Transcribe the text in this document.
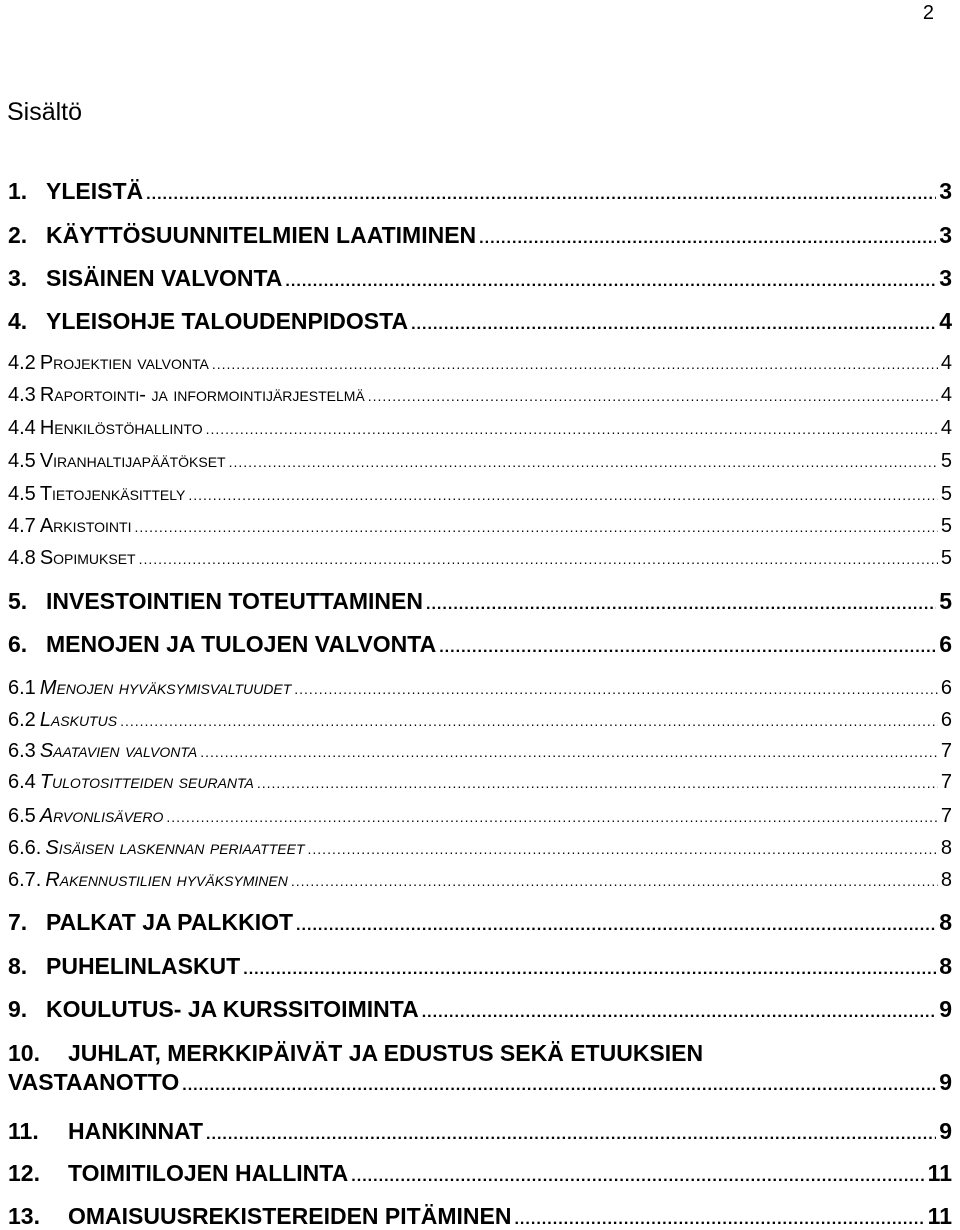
2
Sisältö
1. YLEISTÄ .....	3
2. KÄYTTÖSUUNNITELMIEN LAATIMINEN .....	3
3. SISÄINEN VALVONTA .....	3
4. YLEISOHJE TALOUDENPIDOSTA .....	4
4.2 Projektien valvonta .....	4
4.3 Raportointi- ja informointijärjestelmä .....	4
4.4 Henkilöstöhallinto .....	4
4.5 Viranhaltijapäätökset .....	5
4.5 Tietojenkäsittely .....	5
4.7 Arkistointi .....	5
4.8 Sopimukset .....	5
5. INVESTOINTIEN TOTEUTTAMINEN .....	5
6. MENOJEN JA TULOJEN VALVONTA .....	6
6.1 Menojen hyväksymisvaltuudet .....	6
6.2 Laskutus .....	6
6.3 Saatavien valvonta .....	7
6.4 Tulotositteiden seuranta .....	7
6.5 Arvonlisävero .....	7
6.6. Sisäisen laskennan periaatteet .....	8
6.7. Rakennustilien hyväksyminen .....	8
7. PALKAT JA PALKKIOT .....	8
8. PUHELINLASKUT .....	8
9. KOULUTUS- JA KURSSITOIMINTA .....	9
10.	JUHLAT, MERKKIPÄIVÄT JA EDUSTUS SEKÄ ETUUKSIEN
VASTAANOTTO .....	9
11.	HANKINNAT .....	9
12.	TOIMITILOJEN HALLINTA .....	11
13.	OMAISUUSREKISTEREIDEN PITÄMINEN .....	11
